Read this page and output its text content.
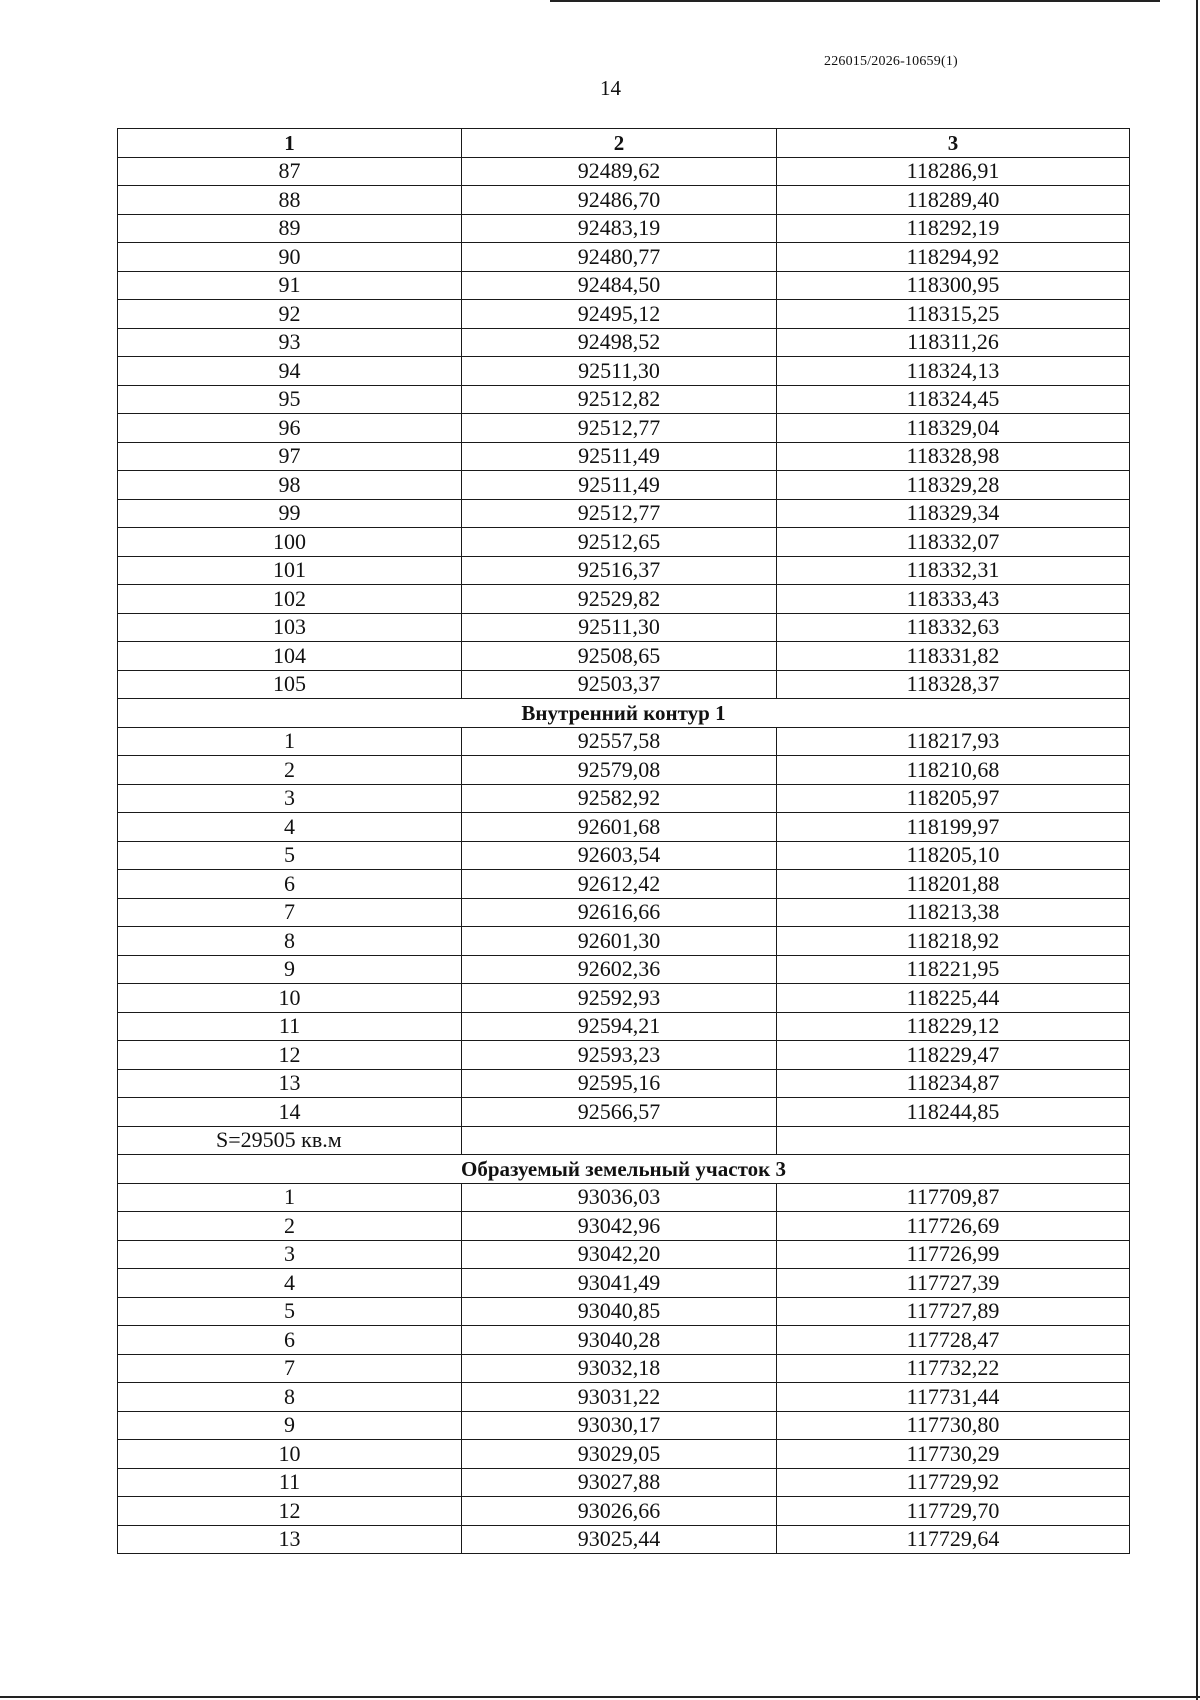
226015/2026-10659(1)
14
1	2	3
87	92489,62	118286,91
88	92486,70	118289,40
89	92483,19	118292,19
90	92480,77	118294,92
91	92484,50	118300,95
92	92495,12	118315,25
93	92498,52	118311,26
94	92511,30	118324,13
95	92512,82	118324,45
96	92512,77	118329,04
97	92511,49	118328,98
98	92511,49	118329,28
99	92512,77	118329,34
100	92512,65	118332,07
101	92516,37	118332,31
102	92529,82	118333,43
103	92511,30	118332,63
104	92508,65	118331,82
105	92503,37	118328,37
Внутренний контур 1		
1	92557,58	118217,93
2	92579,08	118210,68
3	92582,92	118205,97
4	92601,68	118199,97
5	92603,54	118205,10
6	92612,42	118201,88
7	92616,66	118213,38
8	92601,30	118218,92
9	92602,36	118221,95
10	92592,93	118225,44
11	92594,21	118229,12
12	92593,23	118229,47
13	92595,16	118234,87
14	92566,57	118244,85
S=29505 кв.м		
Образуемый земельный участок 3		
1	93036,03	117709,87
2	93042,96	117726,69
3	93042,20	117726,99
4	93041,49	117727,39
5	93040,85	117727,89
6	93040,28	117728,47
7	93032,18	117732,22
8	93031,22	117731,44
9	93030,17	117730,80
10	93029,05	117730,29
11	93027,88	117729,92
12	93026,66	117729,70
13	93025,44	117729,64
